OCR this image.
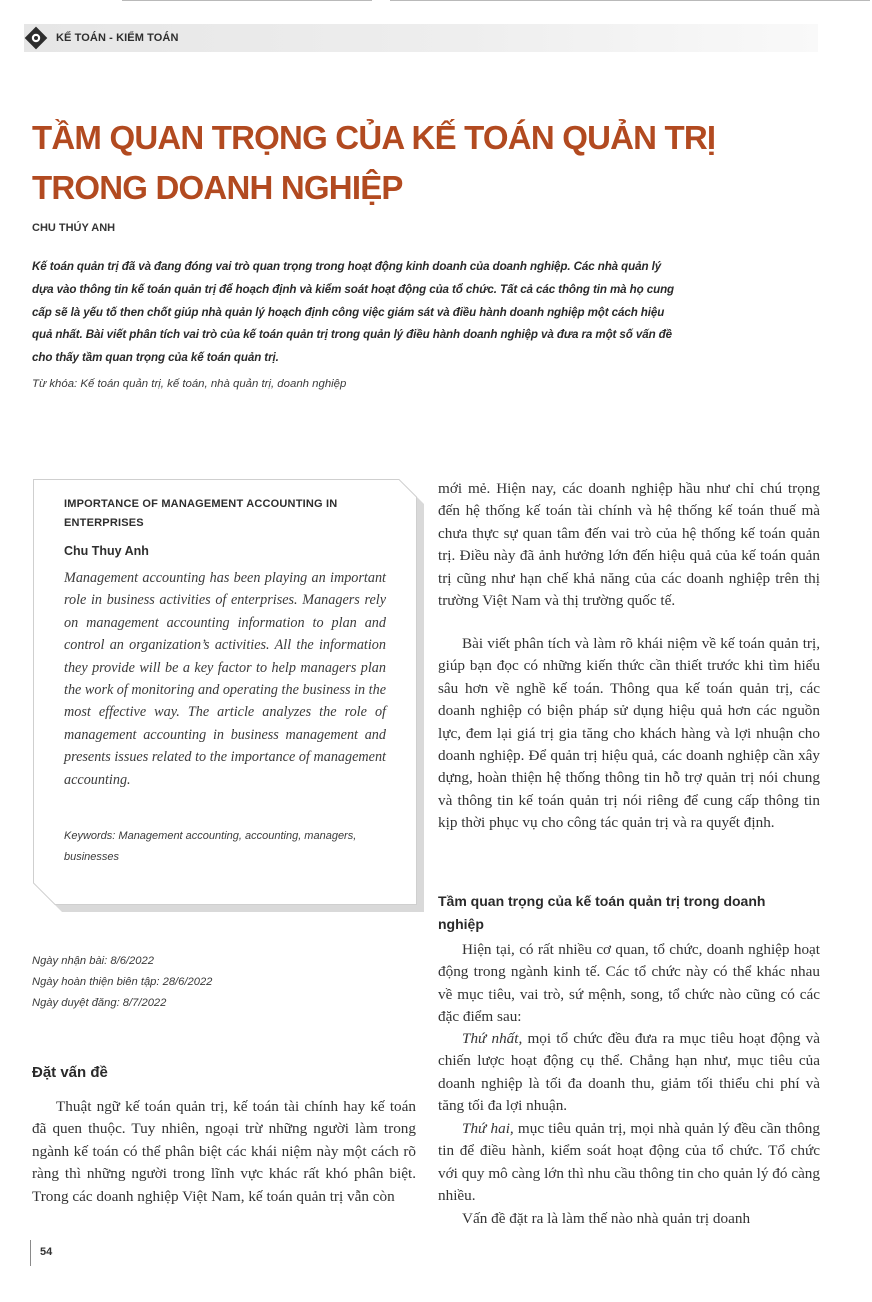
KẾ TOÁN - KIỂM TOÁN
TẦM QUAN TRỌNG CỦA KẾ TOÁN QUẢN TRỊ TRONG DOANH NGHIỆP
CHU THÚY ANH

Kế toán quản trị đã và đang đóng vai trò quan trọng trong hoạt động kinh doanh của doanh nghiệp. Các nhà quản lý dựa vào thông tin kế toán quản trị để hoạch định và kiểm soát hoạt động của tổ chức. Tất cả các thông tin mà họ cung cấp sẽ là yếu tố then chốt giúp nhà quản lý hoạch định công việc giám sát và điều hành doanh nghiệp một cách hiệu quả nhất. Bài viết phân tích vai trò của kế toán quản trị trong quản lý điều hành doanh nghiệp và đưa ra một số vấn đề cho thấy tầm quan trọng của kế toán quản trị.

Từ khóa: Kế toán quản trị, kế toán, nhà quản trị, doanh nghiệp

IMPORTANCE OF MANAGEMENT ACCOUNTING IN ENTERPRISES

Chu Thuy Anh

Management accounting has been playing an important role in business activities of enterprises. Managers rely on management accounting information to plan and control an organization’s activities. All the information they provide will be a key factor to help managers plan the work of monitoring and operating the business in the most effective way. The article analyzes the role of management accounting in business management and presents issues related to the importance of management accounting.

Keywords: Management accounting, accounting, managers, businesses

Ngày nhận bài: 8/6/2022
Ngày hoàn thiện biên tập: 28/6/2022
Ngày duyệt đăng: 8/7/2022
Đặt vấn đề

Thuật ngữ kế toán quản trị, kế toán tài chính hay kế toán đã quen thuộc. Tuy nhiên, ngoại trừ những người làm trong ngành kế toán có thể phân biệt các khái niệm này một cách rõ ràng thì những người trong lĩnh vực khác rất khó phân biệt. Trong các doanh nghiệp Việt Nam, kế toán quản trị vẫn còn

mới mẻ. Hiện nay, các doanh nghiệp hầu như chỉ chú trọng đến hệ thống kế toán tài chính và hệ thống kế toán thuế mà chưa thực sự quan tâm đến vai trò của hệ thống kế toán quản trị. Điều này đã ảnh hưởng lớn đến hiệu quả của kế toán quản trị cũng như hạn chế khả năng của các doanh nghiệp trên thị trường Việt Nam và thị trường quốc tế.

Bài viết phân tích và làm rõ khái niệm về kế toán quản trị, giúp bạn đọc có những kiến thức cần thiết trước khi tìm hiểu sâu hơn về nghề kế toán. Thông qua kế toán quản trị, các doanh nghiệp có biện pháp sử dụng hiệu quả hơn các nguồn lực, đem lại giá trị gia tăng cho khách hàng và lợi nhuận cho doanh nghiệp. Để quản trị hiệu quả, các doanh nghiệp cần xây dựng, hoàn thiện hệ thống thông tin hỗ trợ quản trị nói chung và thông tin kế toán quản trị nói riêng để cung cấp thông tin kịp thời phục vụ cho công tác quản trị và ra quyết định.

Tầm quan trọng của kế toán quản trị trong doanh nghiệp

Hiện tại, có rất nhiều cơ quan, tổ chức, doanh nghiệp hoạt động trong ngành kinh tế. Các tổ chức này có thể khác nhau về mục tiêu, vai trò, sứ mệnh, song, tổ chức nào cũng có các đặc điểm sau:

Thứ nhất, mọi tổ chức đều đưa ra mục tiêu hoạt động và chiến lược hoạt động cụ thể. Chẳng hạn như, mục tiêu của doanh nghiệp là tối đa doanh thu, giảm tối thiểu chi phí và tăng tối đa lợi nhuận.

Thứ hai, mục tiêu quản trị, mọi nhà quản lý đều cần thông tin để điều hành, kiểm soát hoạt động của tổ chức. Tổ chức với quy mô càng lớn thì nhu cầu thông tin cho quản lý đó càng nhiều.

Vấn đề đặt ra là làm thế nào nhà quản trị doanh

54
